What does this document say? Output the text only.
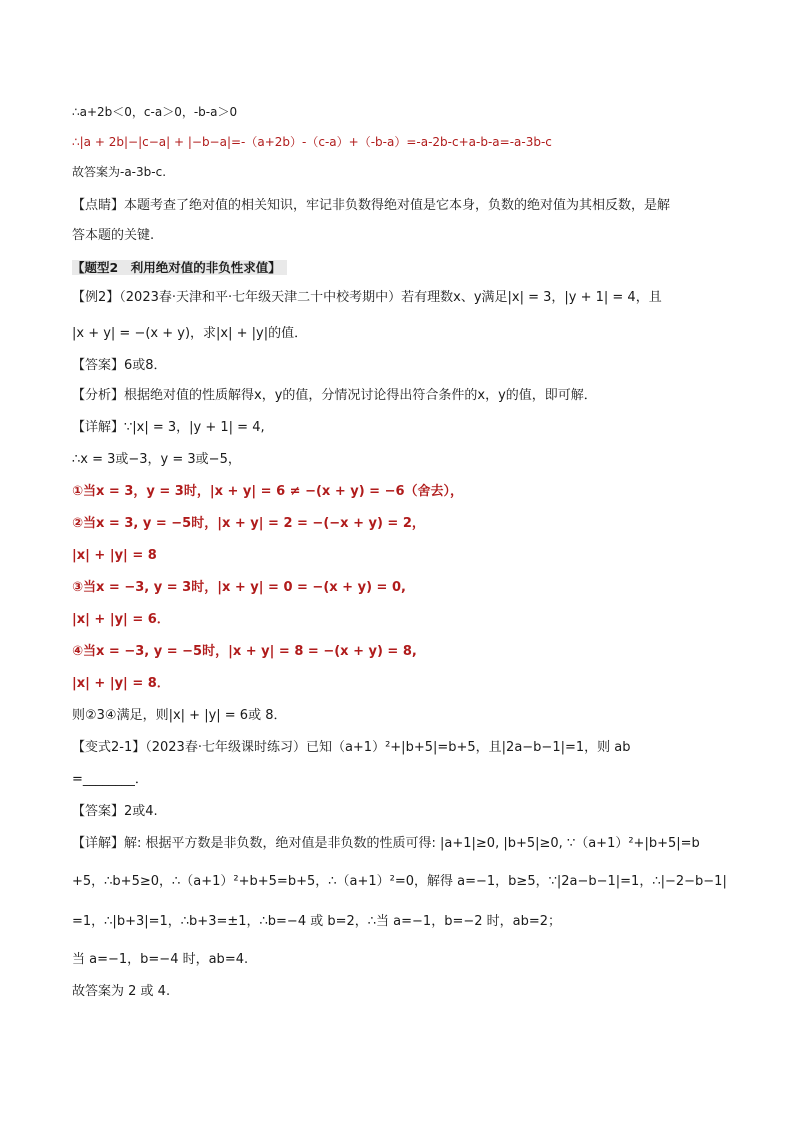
∴a+2b＜0，c-a＞0，-b-a＞0
∴|a + 2b|−|c−a| + |−b−a|=-（a+2b）-（c-a）+（-b-a）=-a-2b-c+a-b-a=-a-3b-c
故答案为-a-3b-c.
【点睛】本题考查了绝对值的相关知识，牢记非负数得绝对值是它本身，负数的绝对值为其相反数，是解
答本题的关键.
【题型2　利用绝对值的非负性求值】
【例2】（2023春·天津和平·七年级天津二十中校考期中）若有理数x、y满足|x| = 3，|y + 1| = 4，且
|x + y| = −(x + y)，求|x| + |y|的值．
【答案】6或8．
【分析】根据绝对值的性质解得x，y的值，分情况讨论得出符合条件的x，y的值，即可解．
【详解】∵|x| = 3，|y + 1| = 4,
∴x = 3或−3，y = 3或−5，
①当x = 3，y = 3时，|x + y| = 6 ≠ −(x + y) = −6（舍去），
②当x = 3, y = −5时，|x + y| = 2 = −(−x + y) = 2，
|x| + |y| = 8
③当x = −3, y = 3时，|x + y| = 0 = −(x + y) = 0,
|x| + |y| = 6．
④当x = −3, y = −5时，|x + y| = 8 = −(x + y) = 8,
|x| + |y| = 8．
则②3④满足，则|x| + |y| = 6或 8．
【变式2-1】（2023春·七年级课时练习）已知（a+1）²+|b+5|=b+5，且|2a−b−1|=1，则 ab
=________．
【答案】2或4.
【详解】解: 根据平方数是非负数，绝对值是非负数的性质可得: |a+1|≥0, |b+5|≥0, ∵（a+1）²+|b+5|=b
+5，∴b+5≥0，∴（a+1）²+b+5=b+5，∴（a+1）²=0，解得 a=−1，b≥5，∵|2a−b−1|=1，∴|−2−b−1|
=1，∴|b+3|=1，∴b+3=±1，∴b=−4 或 b=2，∴当 a=−1，b=−2 时，ab=2；
当 a=−1，b=−4 时，ab=4.
故答案为 2 或 4.
